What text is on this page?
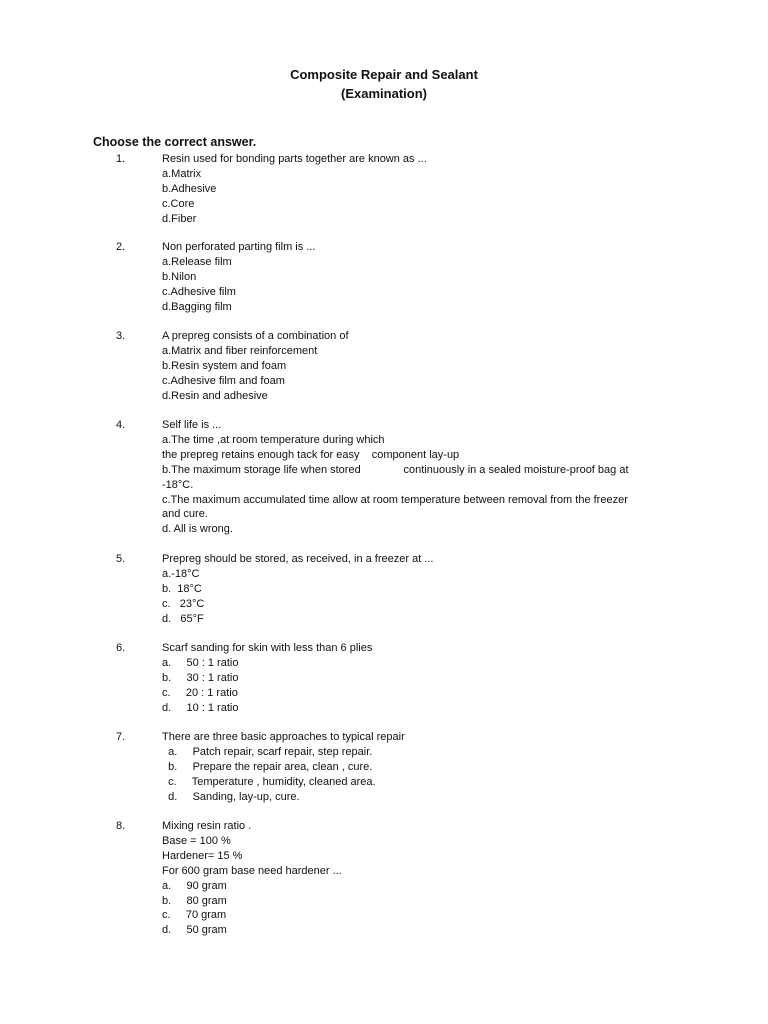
Composite Repair and Sealant
(Examination)
Choose the correct answer.
1.	Resin used for bonding parts together are known as ...
a.Matrix
b.Adhesive
c.Core
d.Fiber
2.	Non perforated parting film is ...
a.Release film
b.Nilon
c.Adhesive film
d.Bagging film
3.	A prepreg consists of a combination of
a.Matrix and fiber reinforcement
b.Resin system and foam
c.Adhesive film and foam
d.Resin and adhesive
4.	Self life is ...
a.The time ,at room temperature during which
the prepreg retains enough tack for easy    component lay-up
b.The maximum storage life when stored              continuously in a sealed moisture-proof bag at
-18°C.
c.The maximum accumulated time allow at room temperature between removal from the freezer
and cure.
d. All is wrong.
5.	Prepreg should be stored, as received, in a freezer at ...
a.-18°C
b.  18°C
c.   23°C
d.   65°F
6.	Scarf sanding for skin with less than 6 plies
a.     50 : 1 ratio
b.     30 : 1 ratio
c.     20 : 1 ratio
d.     10 : 1 ratio
7.	There are three basic approaches to typical repair
a.     Patch repair, scarf repair, step repair.
b.     Prepare the repair area, clean , cure.
c.     Temperature , humidity, cleaned area.
d.     Sanding, lay-up, cure.
8.	Mixing resin ratio .
Base = 100 %
Hardener= 15 %
For 600 gram base need hardener ...
a.     90 gram
b.     80 gram
c.     70 gram
d.     50 gram
